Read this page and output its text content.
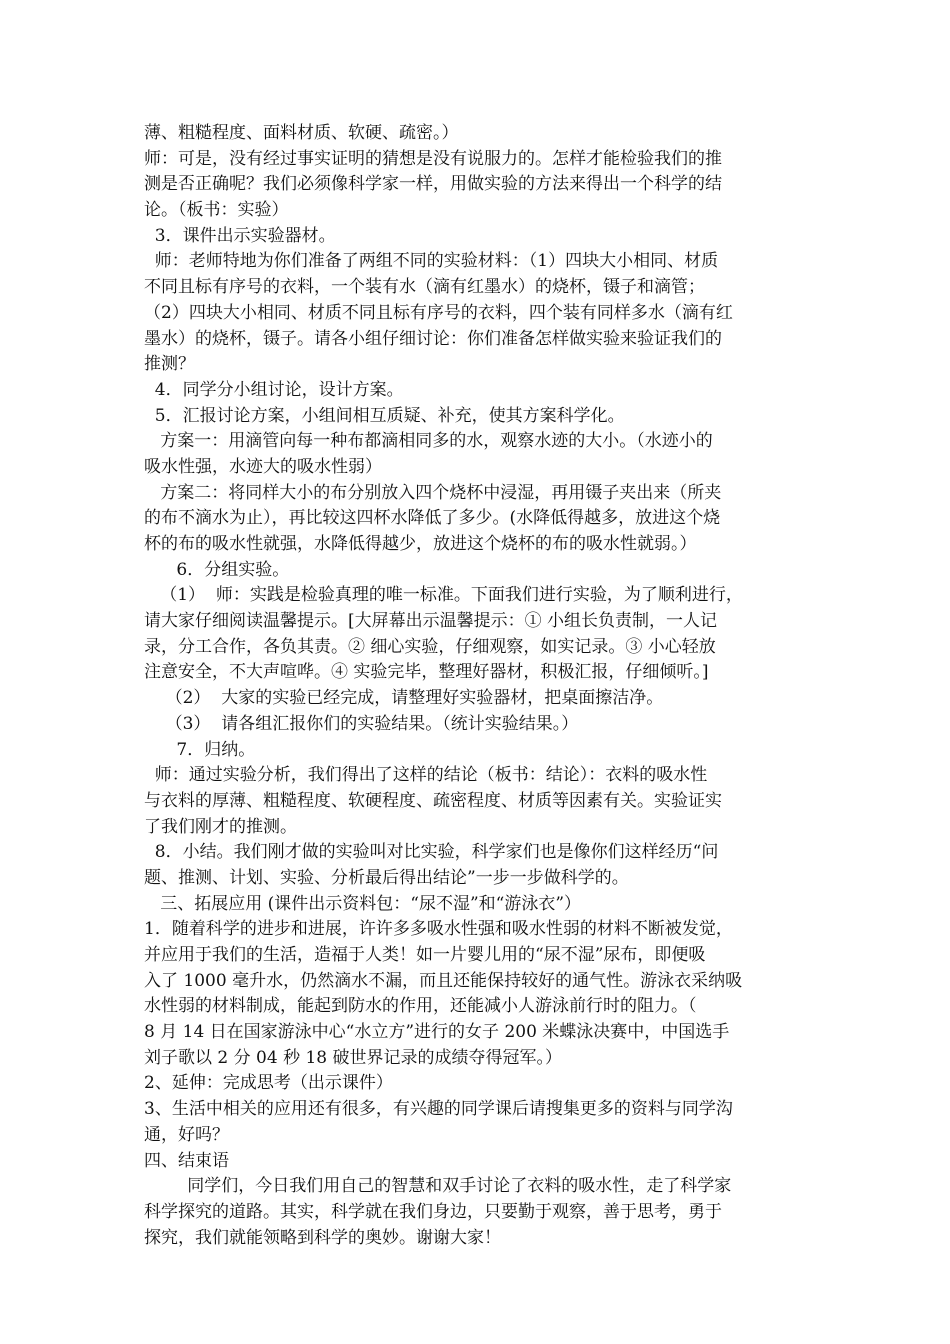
薄、粗糙程度、面料材质、软硬、疏密。）
师：可是，没有经过事实证明的猜想是没有说服力的。怎样才能检验我们的推
测是否正确呢？我们必须像科学家一样，用做实验的方法来得出一个科学的结
论。（板书：实验）
3．课件出示实验器材。
师：老师特地为你们准备了两组不同的实验材料：（1）四块大小相同、材质
不同且标有序号的衣料，一个装有水（滴有红墨水）的烧杯，镊子和滴管；
（2）四块大小相同、材质不同且标有序号的衣料，四个装有同样多水（滴有红
墨水）的烧杯，镊子。请各小组仔细讨论：你们准备怎样做实验来验证我们的
推测？
4．同学分小组讨论，设计方案。
5．汇报讨论方案，小组间相互质疑、补充，使其方案科学化。
方案一：用滴管向每一种布都滴相同多的水，观察水迹的大小。（水迹小的
吸水性强，水迹大的吸水性弱）
方案二：将同样大小的布分别放入四个烧杯中浸湿，再用镊子夹出来（所夹
的布不滴水为止），再比较这四杯水降低了多少。(水降低得越多，放进这个烧
杯的布的吸水性就强，水降低得越少，放进这个烧杯的布的吸水性就弱。）
6．分组实验。
（1）  师：实践是检验真理的唯一标准。下面我们进行实验，为了顺利进行，
请大家仔细阅读温馨提示。[大屏幕出示温馨提示：① 小组长负责制，一人记
录，分工合作，各负其责。② 细心实验，仔细观察，如实记录。③ 小心轻放
注意安全，不大声喧哗。④ 实验完毕，整理好器材，积极汇报，仔细倾听。]
（2）  大家的实验已经完成，请整理好实验器材，把桌面擦洁净。
（3）  请各组汇报你们的实验结果。（统计实验结果。）
7．归纳。
师：通过实验分析，我们得出了这样的结论（板书：结论）：衣料的吸水性
与衣料的厚薄、粗糙程度、软硬程度、疏密程度、材质等因素有关。实验证实
了我们刚才的推测。
8．小结。我们刚才做的实验叫对比实验，科学家们也是像你们这样经历“问
题、推测、计划、实验、分析最后得出结论”一步一步做科学的。
三、拓展应用 (课件出示资料包：“尿不湿”和“游泳衣”）
1．随着科学的进步和进展，许许多多吸水性强和吸水性弱的材料不断被发觉，
并应用于我们的生活，造福于人类！如一片婴儿用的“尿不湿”尿布，即便吸
入了 1000 毫升水，仍然滴水不漏，而且还能保持较好的通气性。游泳衣采纳吸
水性弱的材料制成，能起到防水的作用，还能减小人游泳前行时的阻力。（
8 月 14 日在国家游泳中心“水立方”进行的女子 200 米蝶泳决赛中，中国选手
刘子歌以 2 分 04 秒 18 破世界记录的成绩夺得冠军。）
2、延伸：完成思考（出示课件）
3、生活中相关的应用还有很多，有兴趣的同学课后请搜集更多的资料与同学沟
通，好吗？
四、结束语
同学们，今日我们用自己的智慧和双手讨论了衣料的吸水性，走了科学家
科学探究的道路。其实，科学就在我们身边，只要勤于观察，善于思考，勇于
探究，我们就能领略到科学的奥妙。谢谢大家！
